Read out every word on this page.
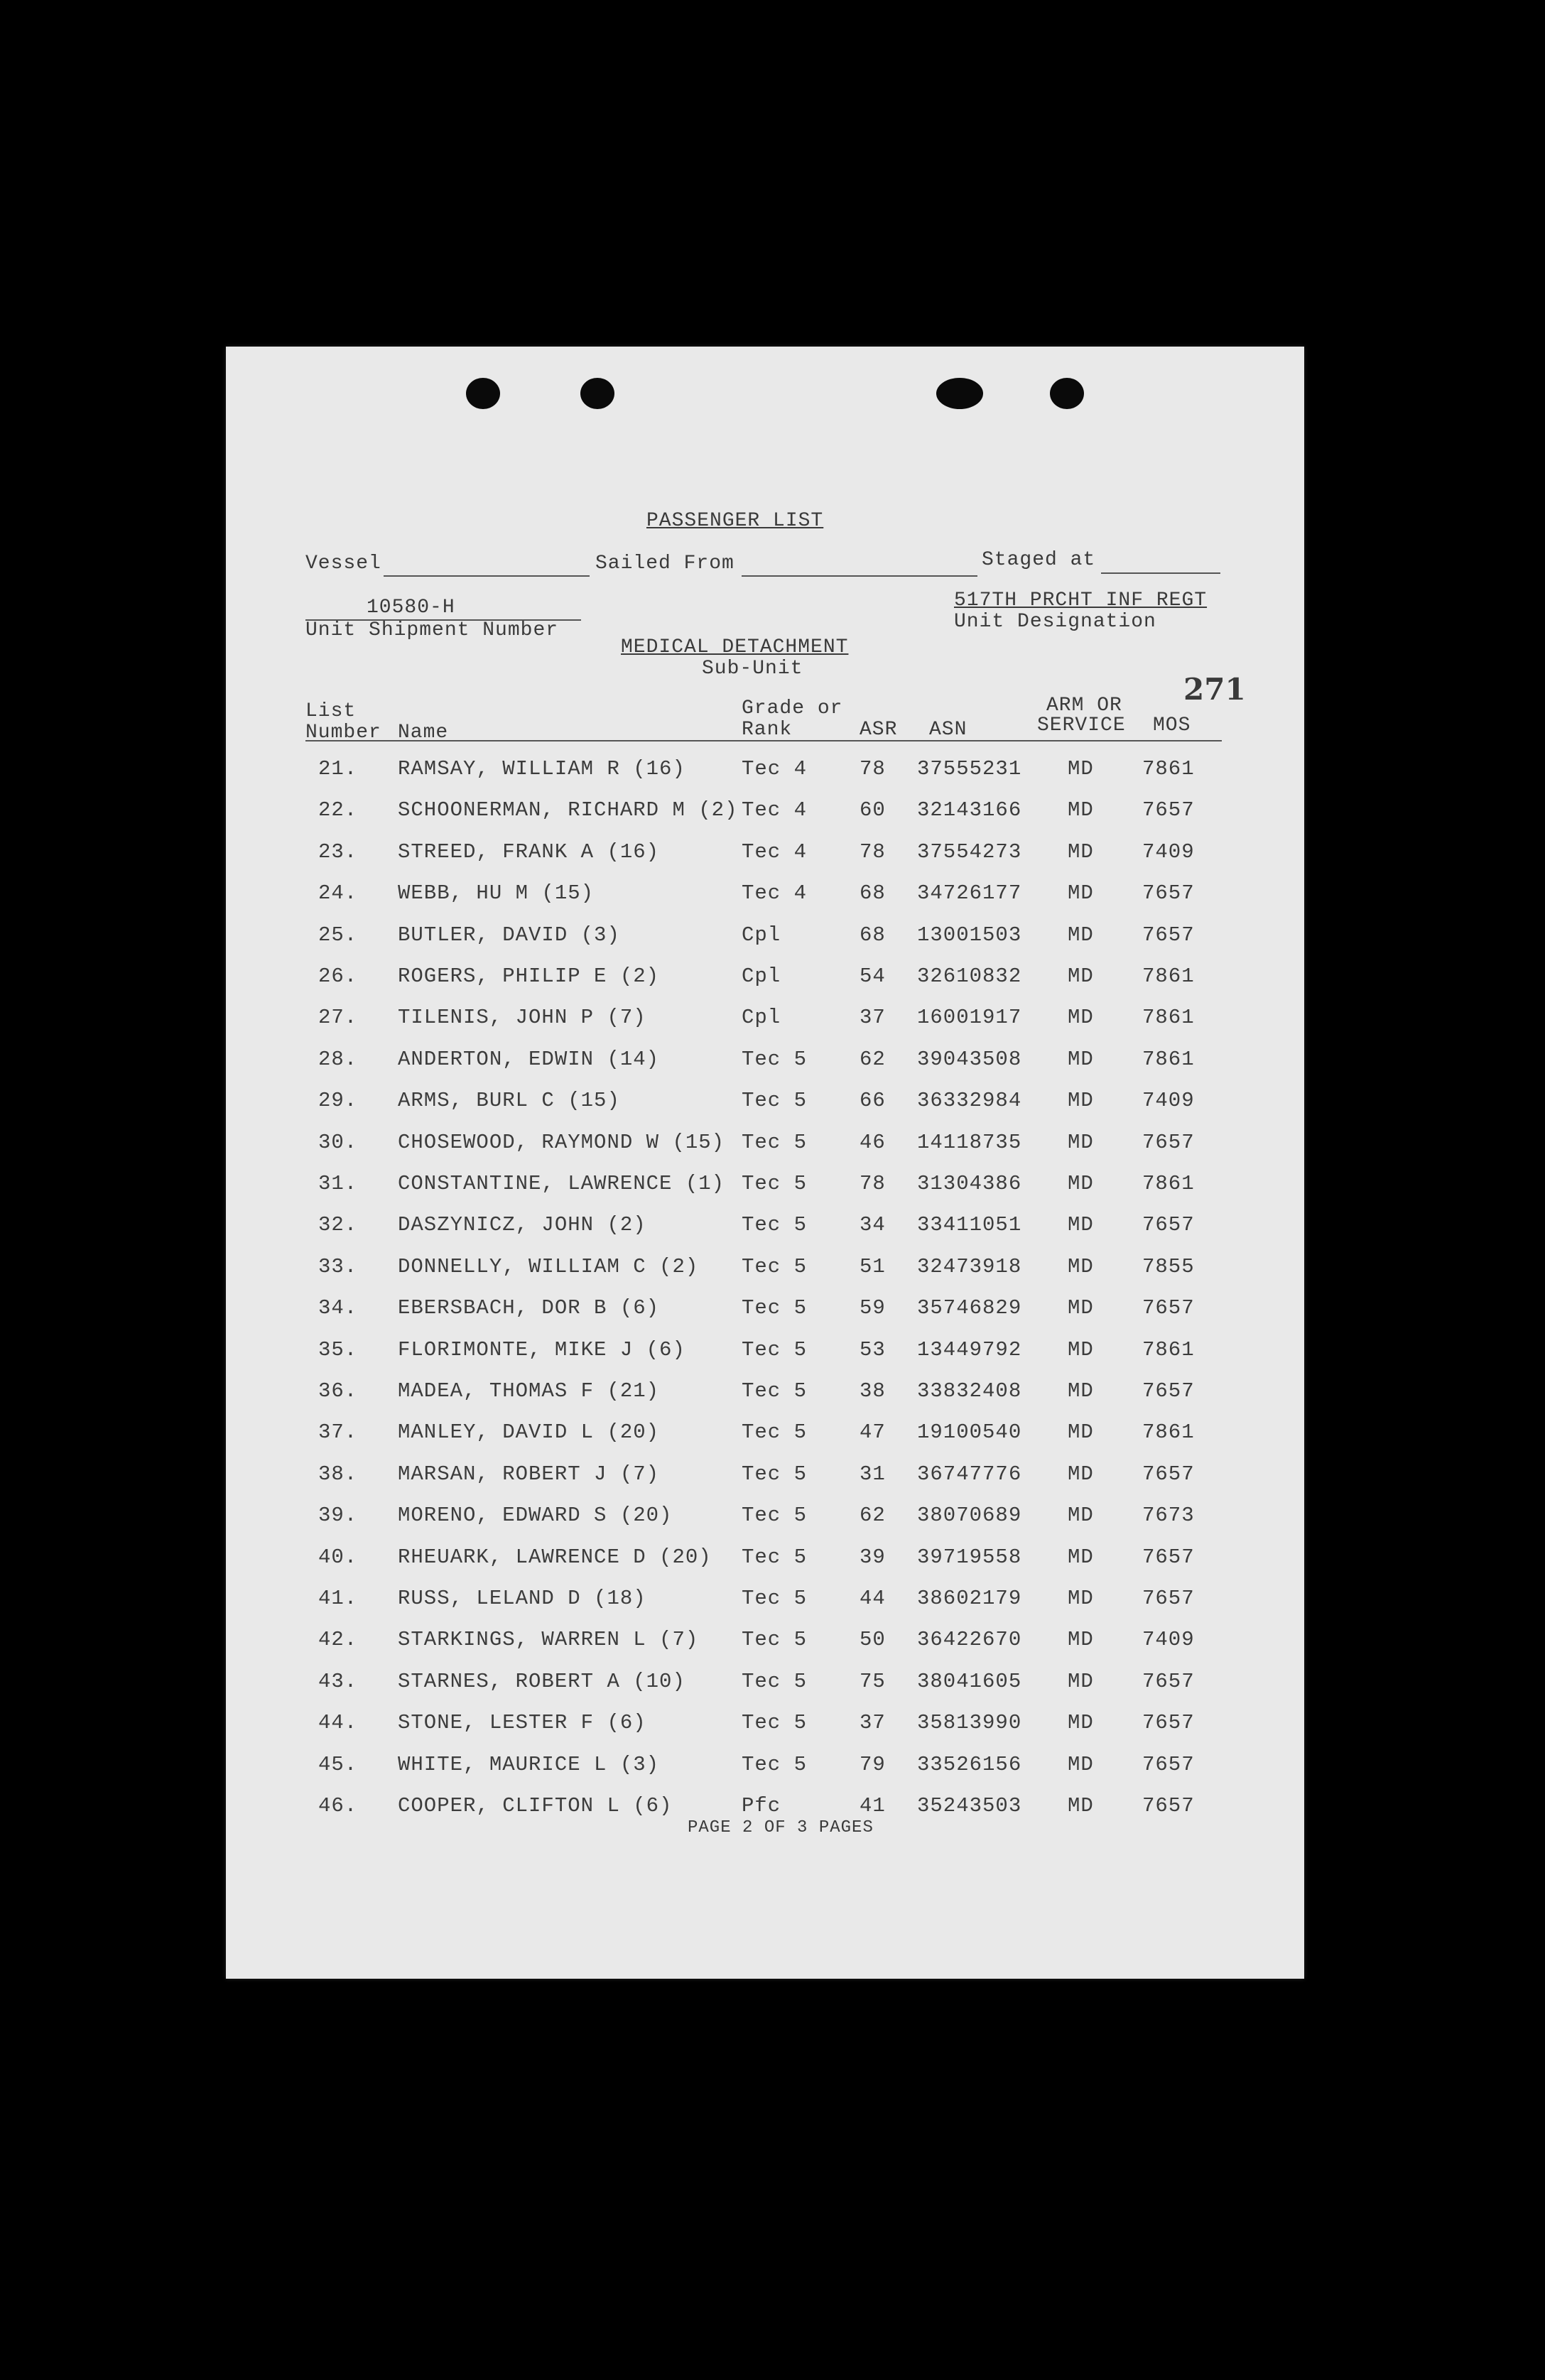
PASSENGER LIST
Vessel	Sailed From	Staged at
10580-H
Unit Shipment Number
517TH PRCHT INF REGT
Unit Designation
MEDICAL DETACHMENT
Sub-Unit
271
List
Number Name
Grade or
Rank	ASR ASN
ARM OR
SERVICE MOS
21. RAMSAY, WILLIAM R (16)	Tec 4	78 37555231 MD 7861
22. SCHOONERMAN, RICHARD M (2) Tec 4	60 32143166 MD 7657
23. STREED, FRANK A (16)	Tec 4	78 37554273 MD 7409
24. WEBB, HU M (15)	Tec 4	68 34726177 MD 7657
25. BUTLER, DAVID (3)	Cpl	68 13001503 MD 7657
26. ROGERS, PHILIP E (2)	Cpl	54 32610832 MD 7861
27. TILENIS, JOHN P (7)	Cpl	37 16001917 MD 7861
28. ANDERTON, EDWIN (14)	Tec 5	62 39043508 MD 7861
29. ARMS, BURL C (15)	Tec 5	66 36332984 MD 7409
30. CHOSEWOOD, RAYMOND W (15) Tec 5	46 14118735 MD 7657
31. CONSTANTINE, LAWRENCE (1) Tec 5	78 31304386 MD 7861
32. DASZYNICZ, JOHN (2)	Tec 5	34 33411051 MD 7657
33. DONNELLY, WILLIAM C (2) Tec 5	51 32473918 MD 7855
34. EBERSBACH, DOR B (6)	Tec 5	59 35746829 MD 7657
35. FLORIMONTE, MIKE J (6)	Tec 5	53 13449792 MD 7861
36. MADEA, THOMAS F (21)	Tec 5	38 33832408 MD 7657
37. MANLEY, DAVID L (20)	Tec 5	47 19100540 MD 7861
38. MARSAN, ROBERT J (7)	Tec 5	31 36747776 MD 7657
39. MORENO, EDWARD S (20)	Tec 5	62 38070689 MD 7673
40. RHEUARK, LAWRENCE D (20) Tec 5	39 39719558 MD 7657
41. RUSS, LELAND D (18)	Tec 5	44 38602179 MD 7657
42. STARKINGS, WARREN L (7) Tec 5	50 36422670 MD 7409
43. STARNES, ROBERT A (10)	Tec 5	75 38041605 MD 7657
44. STONE, LESTER F (6)	Tec 5	37 35813990 MD 7657
45. WHITE, MAURICE L (3)	Tec 5	79 33526156 MD 7657
46. COOPER, CLIFTON L (6)	Pfc	41 35243503 MD 7657
PAGE 2 OF 3 PAGES
